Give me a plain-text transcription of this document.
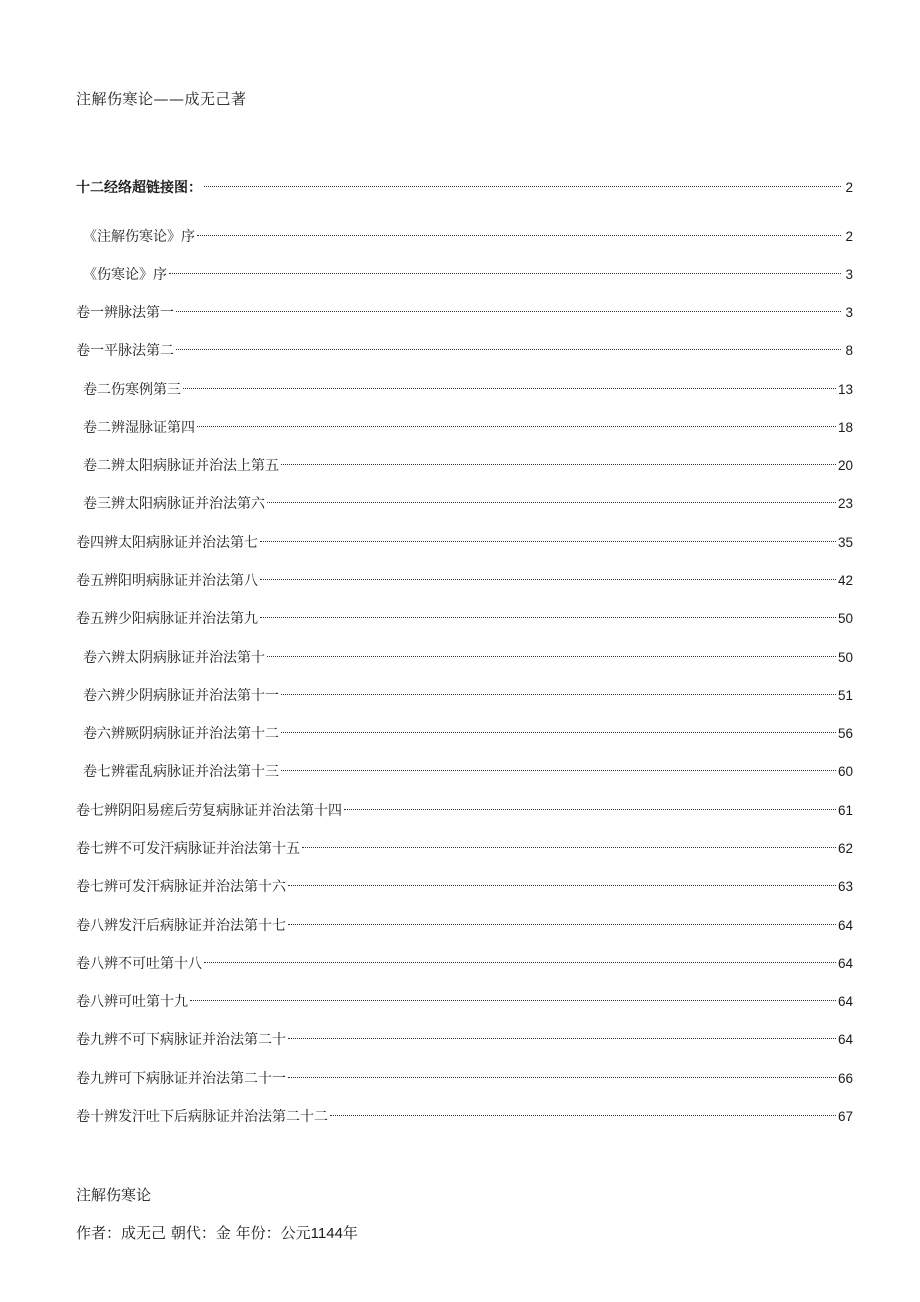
注解伤寒论——成无己著
十二经络超链接图：	2
《注解伤寒论》序	2
《伤寒论》序	3
卷一辨脉法第一	3
卷一平脉法第二	8
卷二伤寒例第三	13
卷二辨湿脉证第四	18
卷二辨太阳病脉证并治法上第五	20
卷三辨太阳病脉证并治法第六	23
卷四辨太阳病脉证并治法第七	35
卷五辨阳明病脉证并治法第八	42
卷五辨少阳病脉证并治法第九	50
卷六辨太阴病脉证并治法第十	50
卷六辨少阴病脉证并治法第十一	51
卷六辨厥阴病脉证并治法第十二	56
卷七辨霍乱病脉证并治法第十三	60
卷七辨阴阳易瘥后劳复病脉证并治法第十四	61
卷七辨不可发汗病脉证并治法第十五	62
卷七辨可发汗病脉证并治法第十六	63
卷八辨发汗后病脉证并治法第十七	64
卷八辨不可吐第十八	64
卷八辨可吐第十九	64
卷九辨不可下病脉证并治法第二十	64
卷九辨可下病脉证并治法第二十一	66
卷十辨发汗吐下后病脉证并治法第二十二	67
注解伤寒论
作者：成无己 朝代：金 年份：公元1144年
